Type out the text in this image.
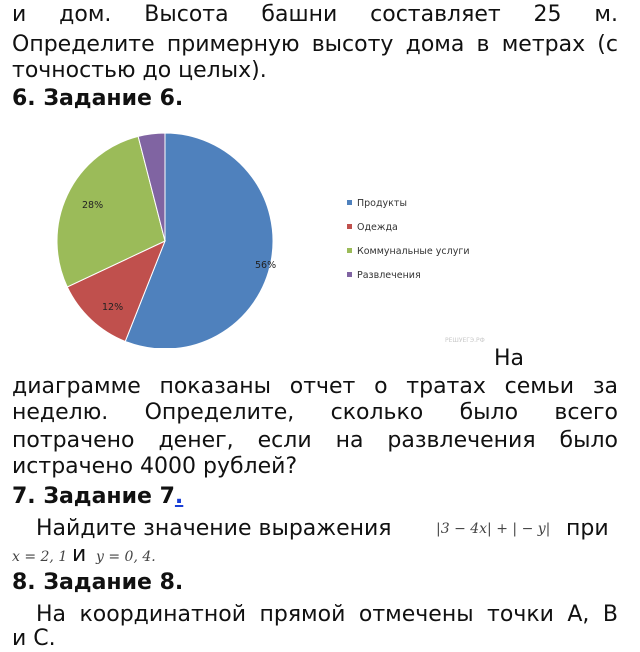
и дом. Высота башни составляет 25 м.
Определите примерную высоту дома в метрах (с
точностью до целых).
6. Задание 6.
56%
12%
28%	Продукты
Одежда
Коммунальные услуги
Развлечения
РЕШУЕГЭ.РФ
На
диаграмме показаны отчет о тратах семьи за
неделю. Определите, сколько было всего
потрачено денег, если на развлечения было
истрачено 4000 рублей?
7. Задание 7.
Найдите значение выражения	|3 − 4x| + | − y| при
x = 2, 1 и y = 0, 4.
8. Задание 8.
На координатной прямой отмечены точки А, В
и С.
